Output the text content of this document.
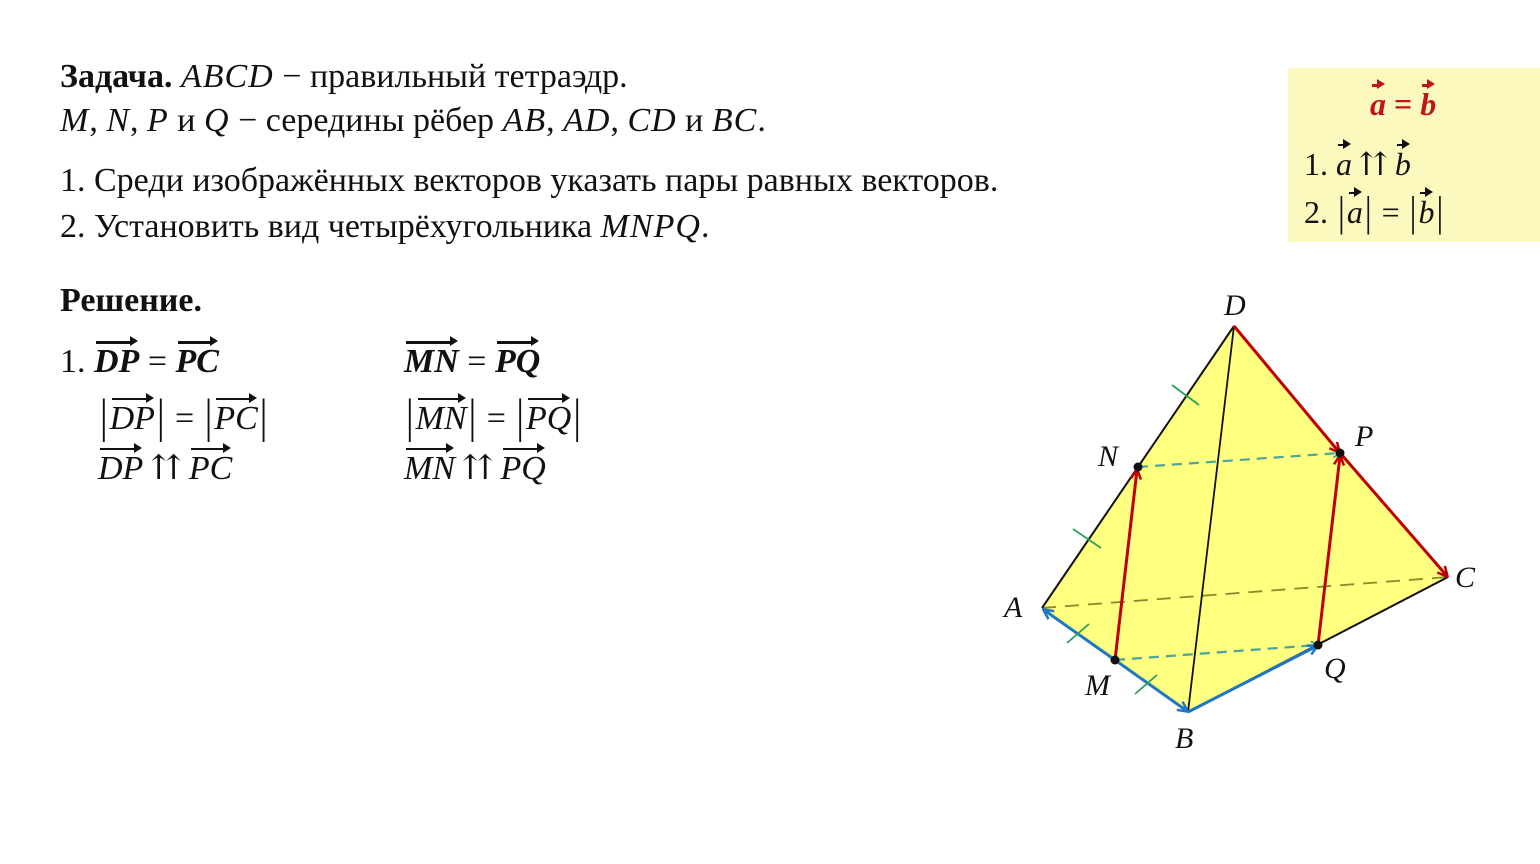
Задача. ABCD − правильный тетраэдр.
M, N, P и Q − середины рёбер AB, AD, CD и BC.
1. Среди изображённых векторов указать пары равных векторов.
2. Установить вид четырёхугольника MNPQ.
Решение.
1. DP = PC	MN = PQ
|DP| = |PC|	|MN| = |PQ|
DP ⇈ PC	MN ⇈ PQ
a = b
1. a ⇈ b
2. |a| = |b|
D
N
P
C
A
M
Q
B
